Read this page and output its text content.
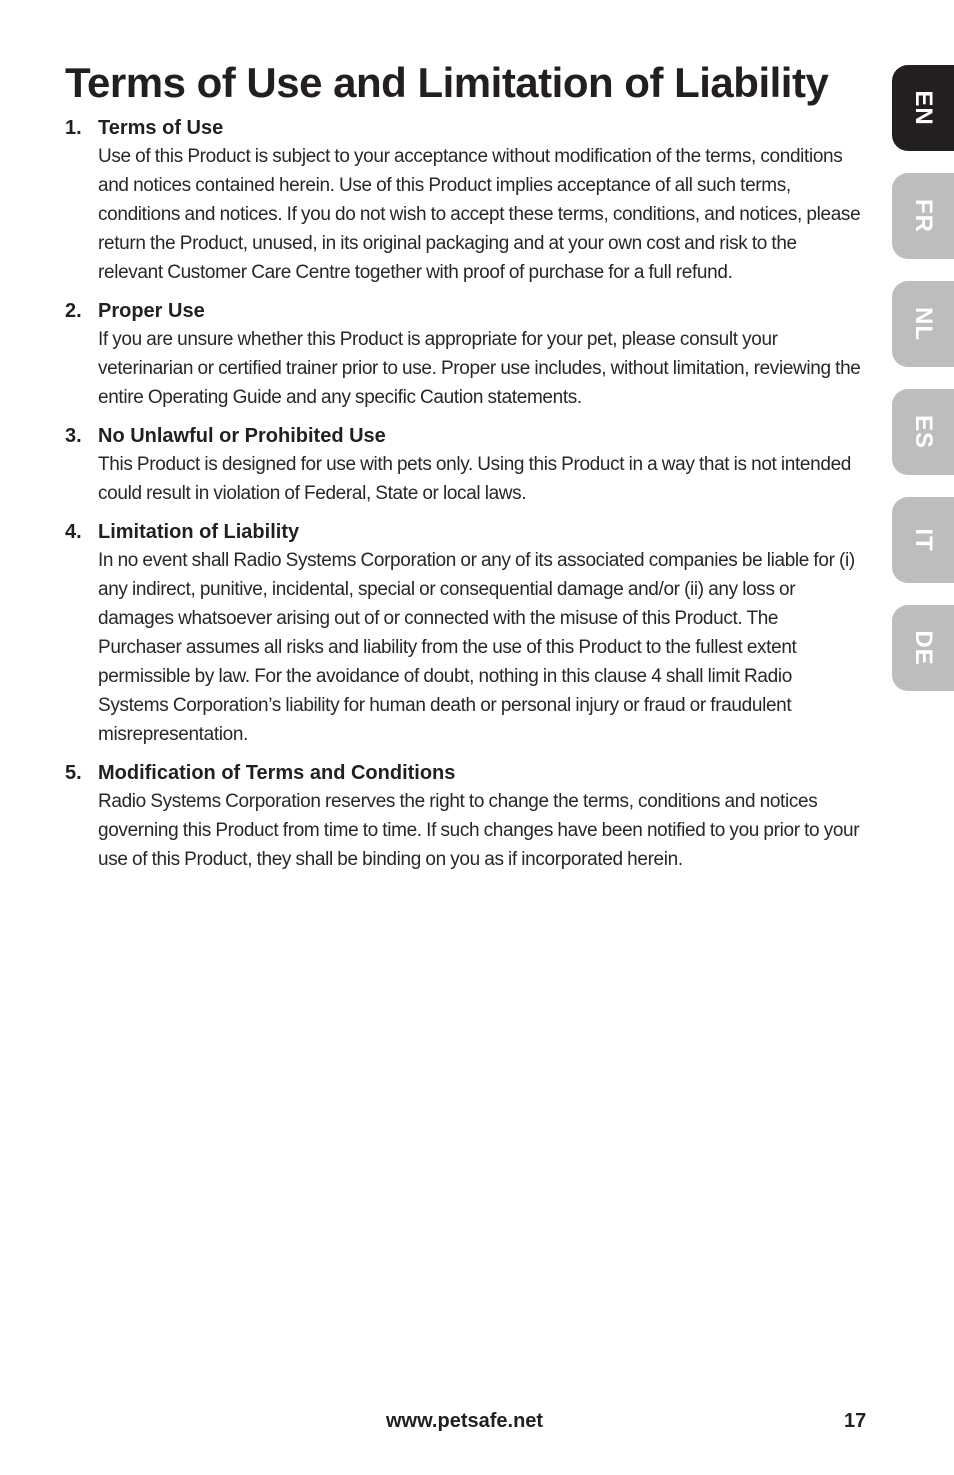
Terms of Use and Limitation of Liability
1. Terms of Use

Use of this Product is subject to your acceptance without modification of the terms, conditions and notices contained herein. Use of this Product implies acceptance of all such terms, conditions and notices. If you do not wish to accept these terms, conditions, and notices, please return the Product, unused, in its original packaging and at your own cost and risk to the relevant Customer Care Centre together with proof of purchase for a full refund.

2. Proper Use

If you are unsure whether this Product is appropriate for your pet, please consult your veterinarian or certified trainer prior to use. Proper use includes, without limitation, reviewing the entire Operating Guide and any specific Caution statements.

3. No Unlawful or Prohibited Use

This Product is designed for use with pets only. Using this Product in a way that is not intended could result in violation of Federal, State or local laws.

4. Limitation of Liability

In no event shall Radio Systems Corporation or any of its associated companies be liable for (i) any indirect, punitive, incidental, special or consequential damage and/or (ii) any loss or damages whatsoever arising out of or connected with the misuse of this Product. The Purchaser assumes all risks and liability from the use of this Product to the fullest extent permissible by law. For the avoidance of doubt, nothing in this clause 4 shall limit Radio Systems Corporation’s liability for human death or personal injury or fraud or fraudulent misrepresentation.

5. Modification of Terms and Conditions

Radio Systems Corporation reserves the right to change the terms, conditions and notices governing this Product from time to time. If such changes have been notified to you prior to your use of this Product, they shall be binding on you as if incorporated herein.

EN
FR
NL
ES
IT
DE
www.petsafe.net	17
